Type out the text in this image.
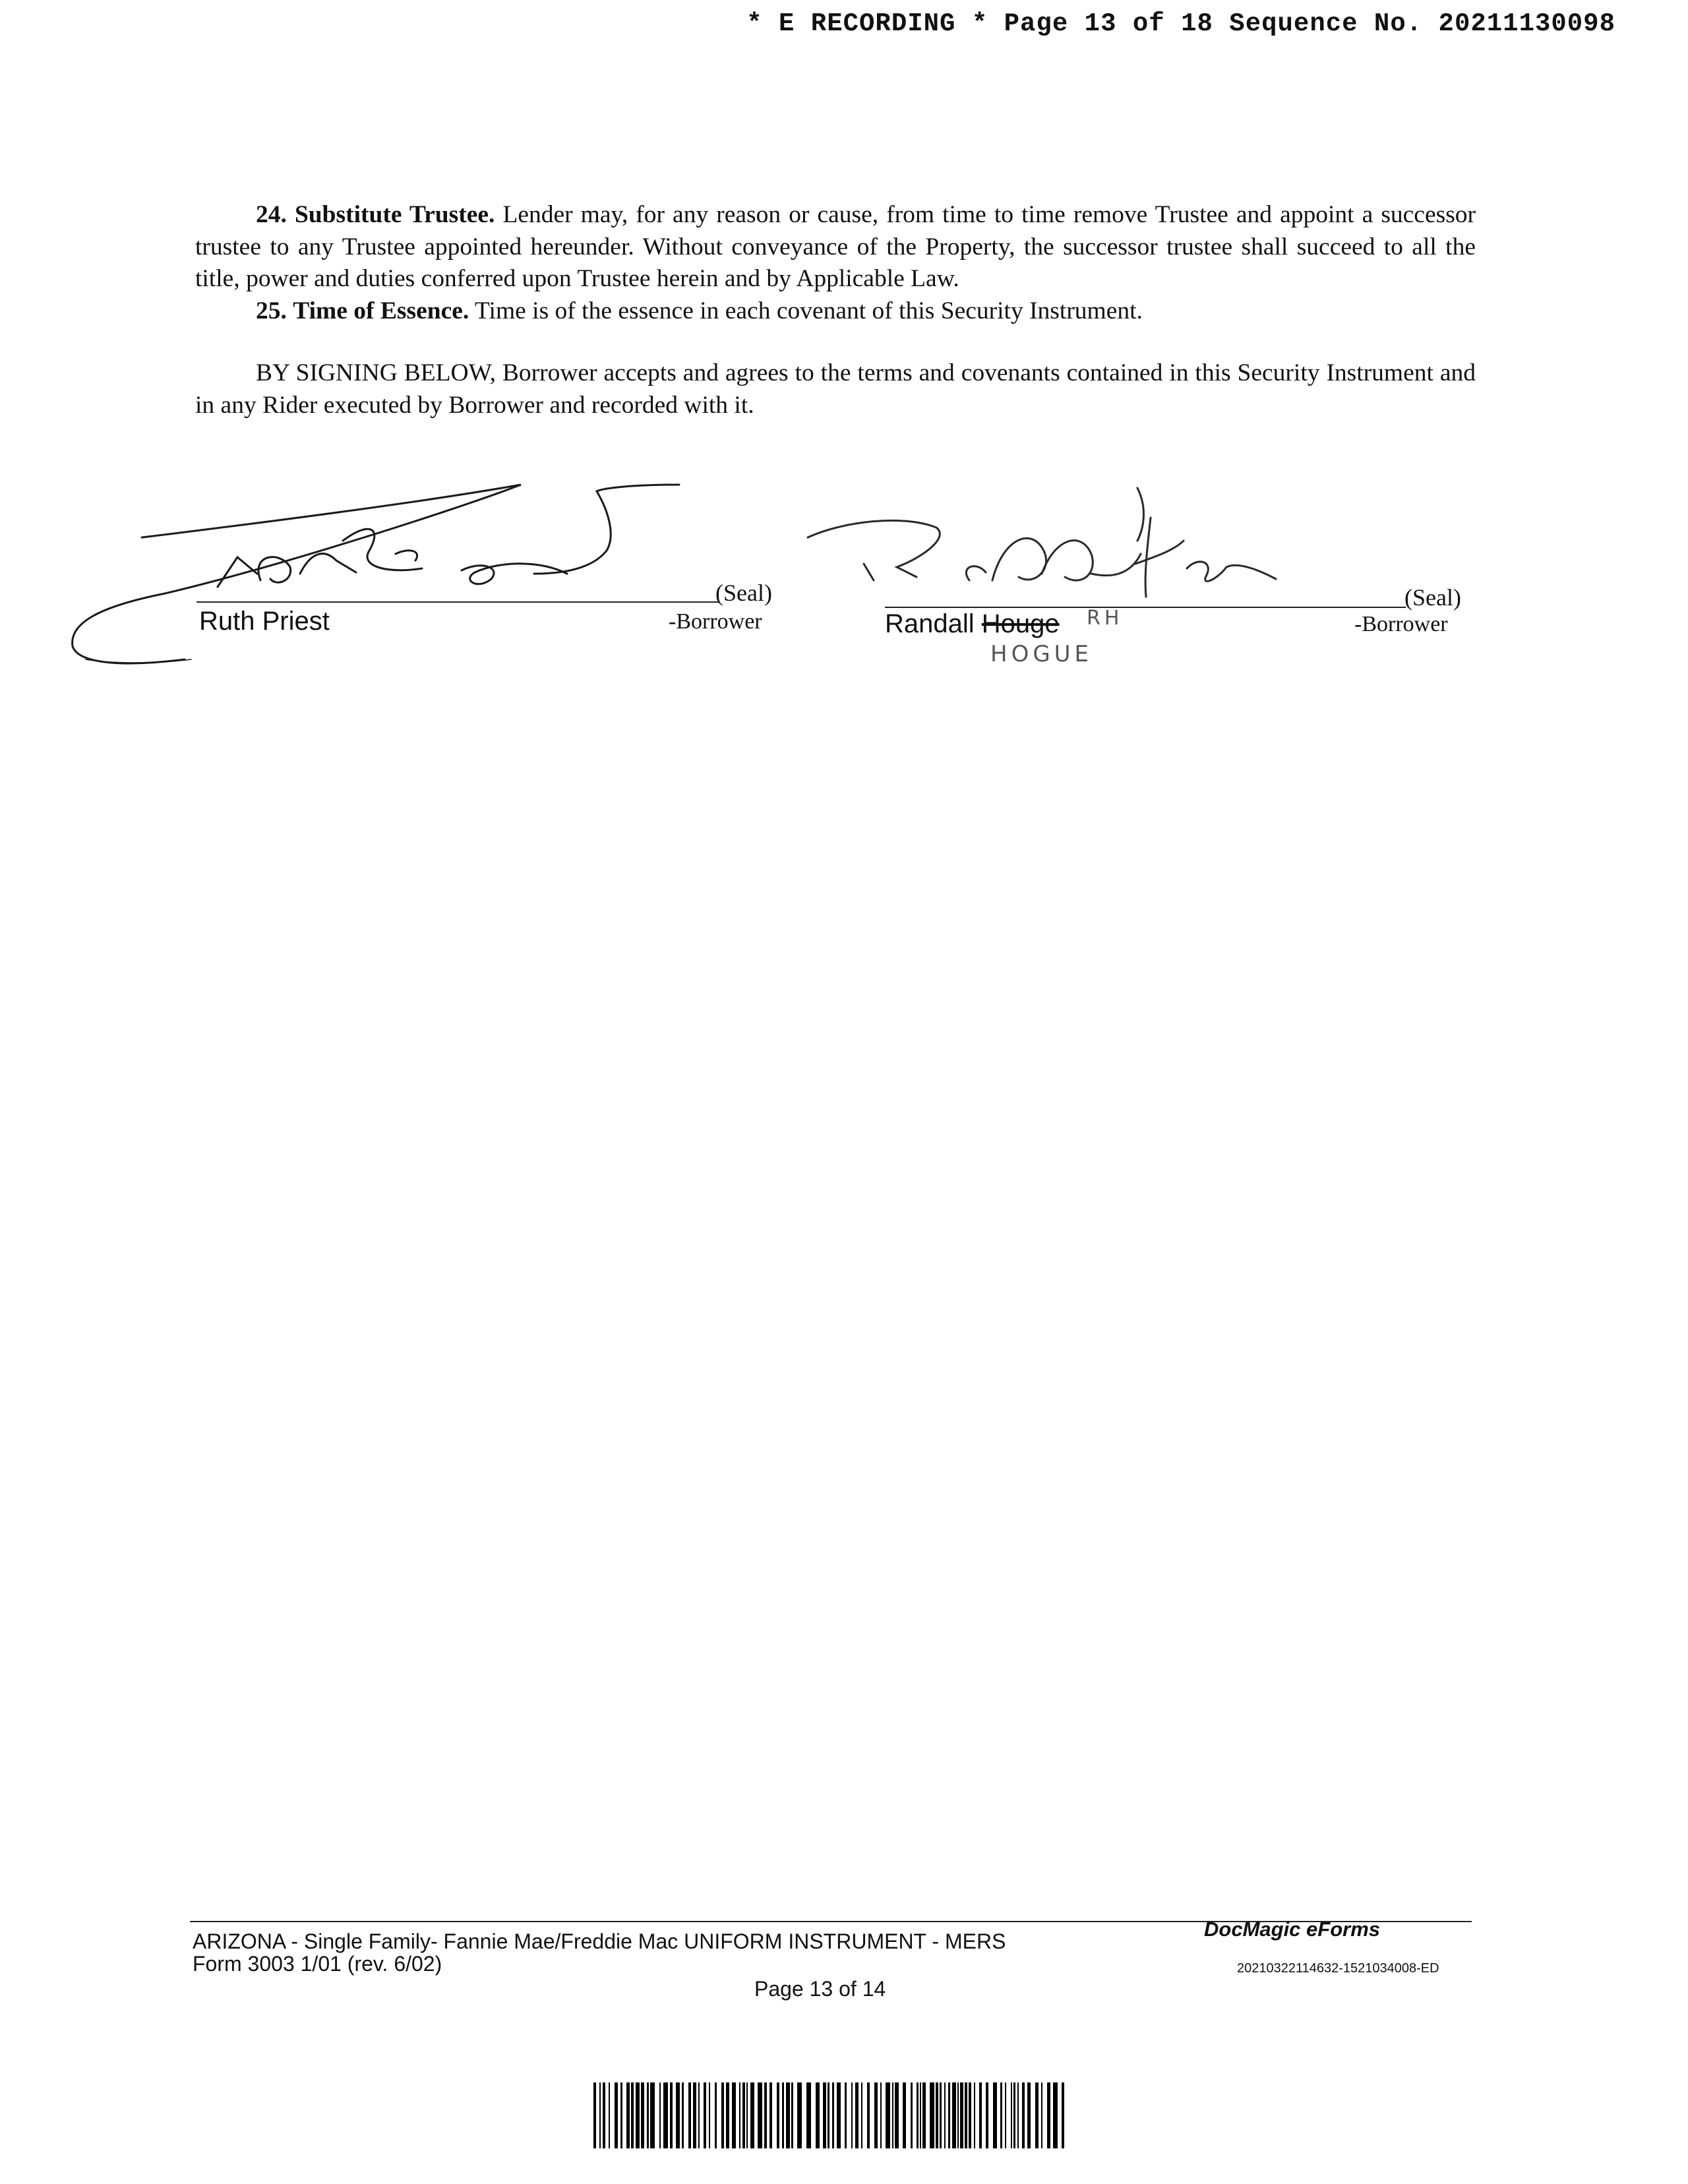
* E RECORDING * Page 13 of 18 Sequence No. 20211130098

24. Substitute Trustee. Lender may, for any reason or cause, from time to time remove Trustee and appoint a successor trustee to any Trustee appointed hereunder. Without conveyance of the Property, the successor trustee shall succeed to all the title, power and duties conferred upon Trustee herein and by Applicable Law.

25. Time of Essence. Time is of the essence in each covenant of this Security Instrument.

BY SIGNING BELOW, Borrower accepts and agrees to the terms and covenants contained in this Security Instrument and in any Rider executed by Borrower and recorded with it.

(Seal)
Ruth Priest	-Borrower
(Seal)
Randall Houge RH
HOGUE
-Borrower
ARIZONA - Single Family- Fannie Mae/Freddie Mac UNIFORM INSTRUMENT - MERS
Form 3003 1/01 (rev. 6/02)
Page 13 of 14
DocMagic eForms
20210322114632-1521034008-ED
